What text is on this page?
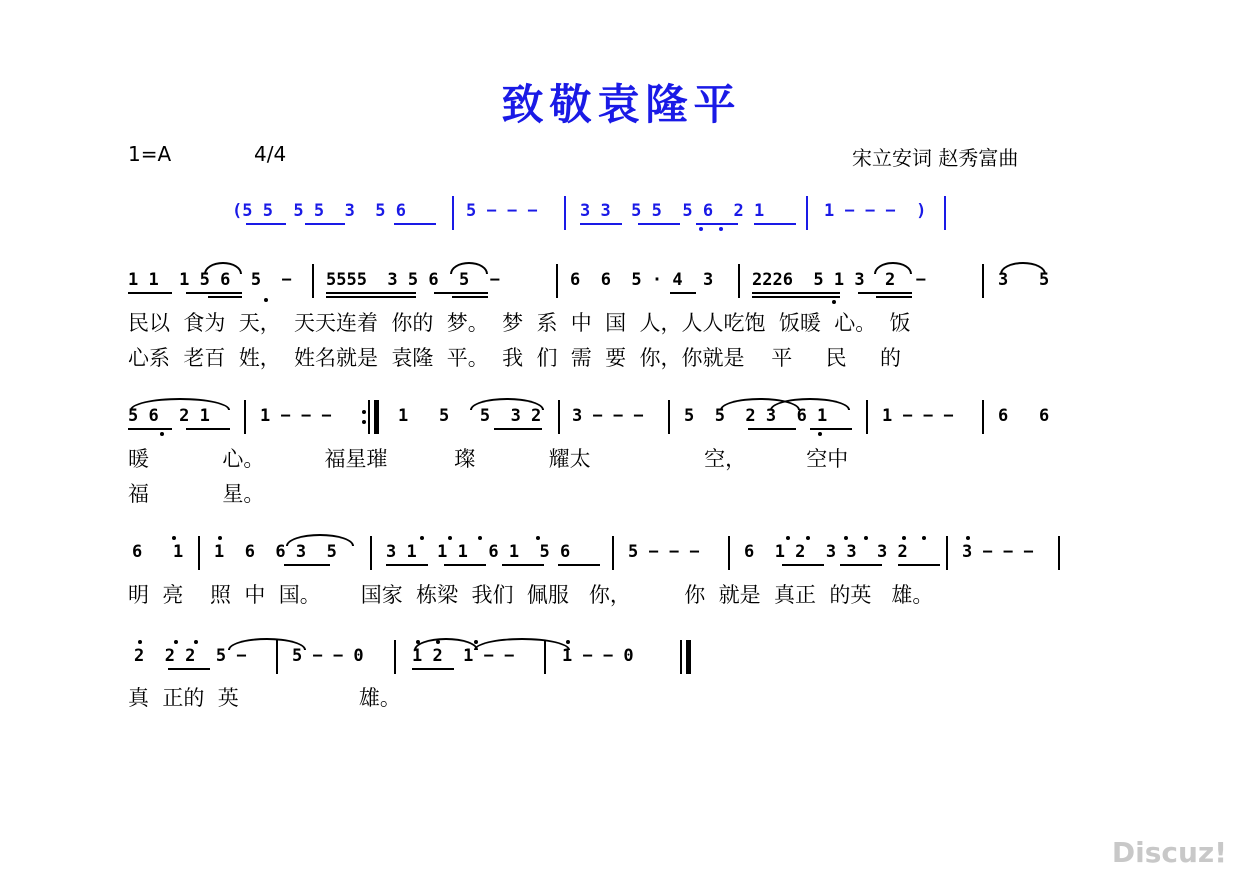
致敬袁隆平
1=A	4/4	宋立安词 赵秀富曲
(5 5  5 5  3  5 6	5 − − − 3 3  5 5  5 6  2 1	1 − − −  )
1 1  1 5 6  5  − 5555  3 5 6  5  −	6  6  5 · 4  3 2226  5 1 3  2  −	3   5
民以  食为  天，  天天连着  你的  梦。  梦  系  中  国  人，人人吃饱  饭暖  心。  饭
心系  老百  姓，  姓名就是  袁隆  平。  我  们  需  要  你，你就是    平     民     的
5 6  2 1	1 − − −	1   5   5  3 2 3 − − − 5  5  2 3  6 1	1 − − −	6   6
暖           心。         福星璀          璨           耀太                 空，         空中
福           星。
6   1 1  6  6 3  5	3 1  1 1  6 1  5 6	5 − − −	6  1 2  3 3  3 2	3 − − −
明  亮    照  中  国。      国家  栋梁  我们  佩服   你，        你  就是  真正  的英   雄。
2  2 2  5 −	5 − − 0	1 2  1 − −	1 − − 0
真  正的  英                  雄。
Discuz!
